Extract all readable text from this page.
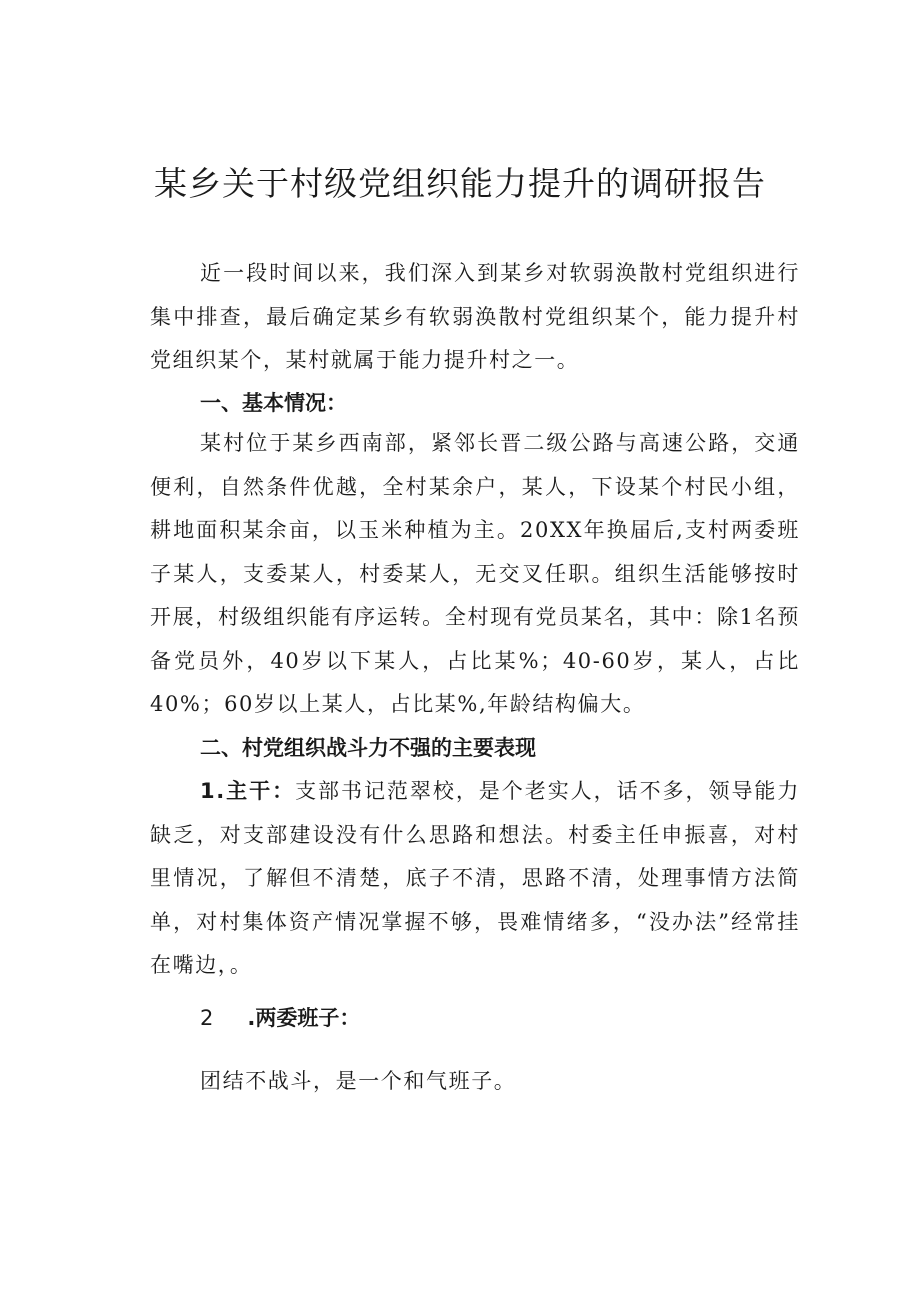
某乡关于村级党组织能力提升的调研报告
近一段时间以来，我们深入到某乡对软弱涣散村党组织进行集中排查，最后确定某乡有软弱涣散村党组织某个，能力提升村党组织某个，某村就属于能力提升村之一。
一、基本情况：
某村位于某乡西南部，紧邻长晋二级公路与高速公路，交通便利，自然条件优越，全村某余户，某人，下设某个村民小组，耕地面积某余亩，以玉米种植为主。20XX年换届后,支村两委班子某人，支委某人，村委某人，无交叉任职。组织生活能够按时开展，村级组织能有序运转。全村现有党员某名，其中：除1名预备党员外，40岁以下某人，占比某%；40-60岁，某人，占比40%；60岁以上某人，占比某%,年龄结构偏大。
二、村党组织战斗力不强的主要表现
1.主干：支部书记范翠校，是个老实人，话不多，领导能力缺乏，对支部建设没有什么思路和想法。村委主任申振喜，对村里情况，了解但不清楚，底子不清，思路不清，处理事情方法简单，对村集体资产情况掌握不够，畏难情绪多，“没办法”经常挂在嘴边，。
2 .两委班子：
团结不战斗，是一个和气班子。
